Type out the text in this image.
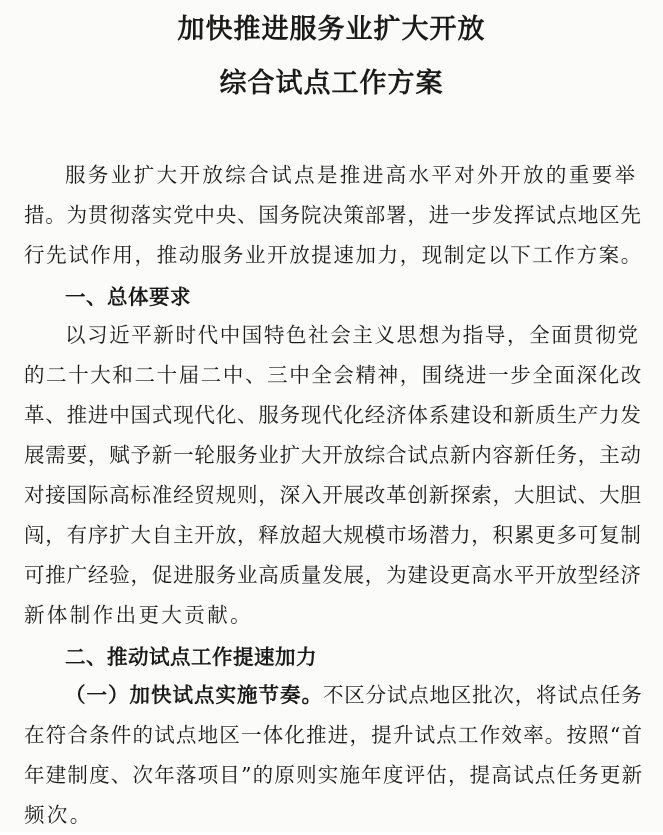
加快推进服务业扩大开放
综合试点工作方案
服务业扩大开放综合试点是推进高水平对外开放的重要举
措。为贯彻落实党中央、国务院决策部署，进一步发挥试点地区先
行先试作用，推动服务业开放提速加力，现制定以下工作方案。
一、总体要求
以习近平新时代中国特色社会主义思想为指导，全面贯彻党
的二十大和二十届二中、三中全会精神，围绕进一步全面深化改
革、推进中国式现代化、服务现代化经济体系建设和新质生产力发
展需要，赋予新一轮服务业扩大开放综合试点新内容新任务，主动
对接国际高标准经贸规则，深入开展改革创新探索，大胆试、大胆
闯，有序扩大自主开放，释放超大规模市场潜力，积累更多可复制
可推广经验，促进服务业高质量发展，为建设更高水平开放型经济
新体制作出更大贡献。
二、推动试点工作提速加力
（一）加快试点实施节奏。不区分试点地区批次，将试点任务
在符合条件的试点地区一体化推进，提升试点工作效率。按照“首
年建制度、次年落项目”的原则实施年度评估，提高试点任务更新
频次。
